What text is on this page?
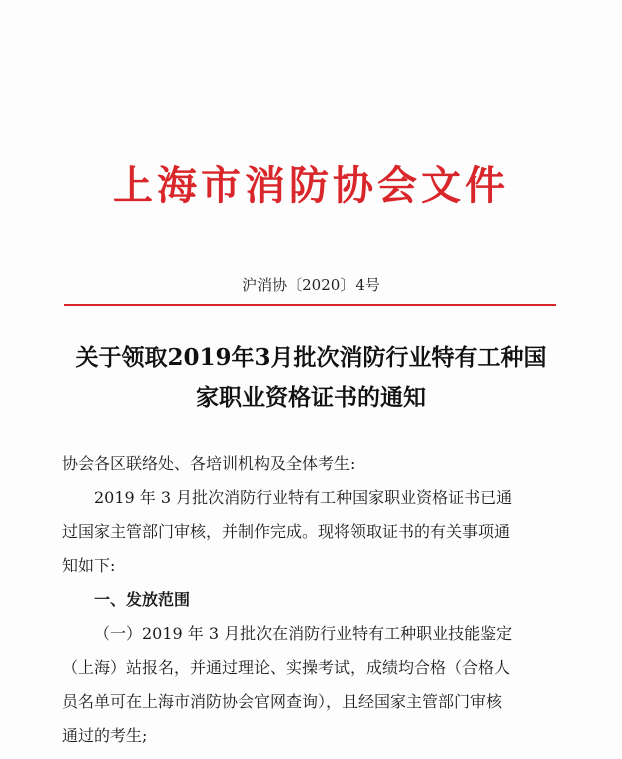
上海市消防协会文件
沪消协〔2020〕4号
关于领取2019年3月批次消防行业特有工种国
家职业资格证书的通知
协会各区联络处、各培训机构及全体考生:
2019 年 3 月批次消防行业特有工种国家职业资格证书已通
过国家主管部门审核，并制作完成。现将领取证书的有关事项通
知如下:
一、发放范围
（一）2019 年 3 月批次在消防行业特有工种职业技能鉴定
（上海）站报名，并通过理论、实操考试，成绩均合格（合格人
员名单可在上海市消防协会官网查询），且经国家主管部门审核
通过的考生;
